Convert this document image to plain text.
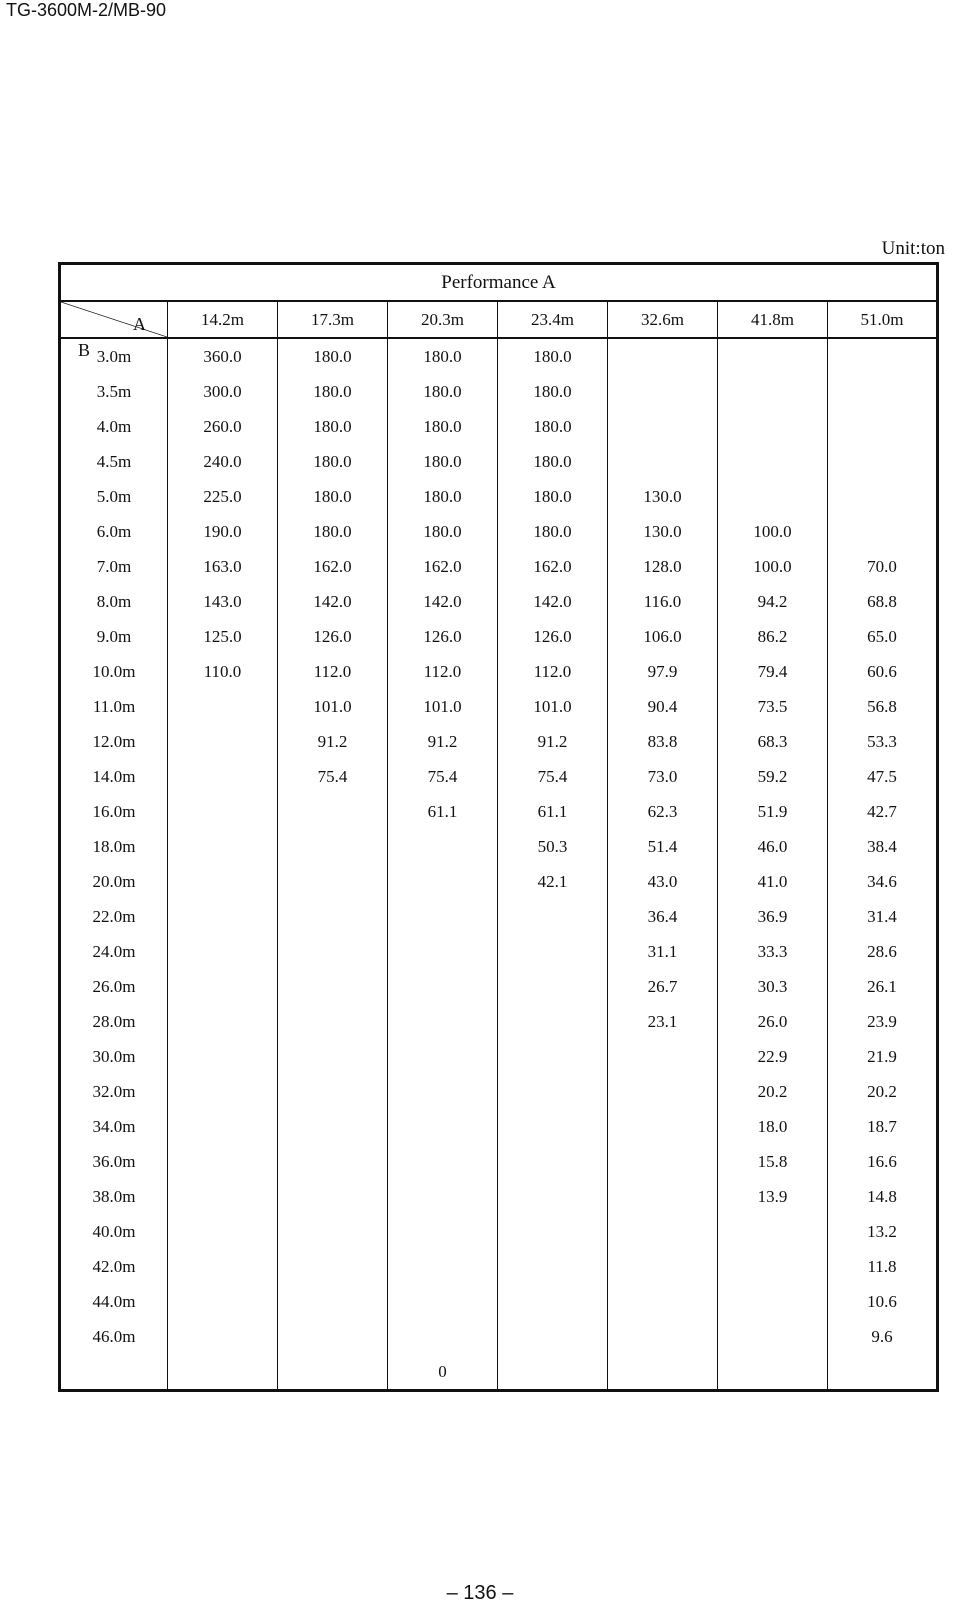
TG-3600M-2/MB-90
Unit:ton
Performance A							

A
B	14.2m	17.3m	20.3m	23.4m	32.6m	41.8m	51.0m
3.0m	360.0	180.0	180.0	180.0			
3.5m	300.0	180.0	180.0	180.0			
4.0m	260.0	180.0	180.0	180.0			
4.5m	240.0	180.0	180.0	180.0			
5.0m	225.0	180.0	180.0	180.0	130.0		
6.0m	190.0	180.0	180.0	180.0	130.0	100.0	
7.0m	163.0	162.0	162.0	162.0	128.0	100.0	70.0
8.0m	143.0	142.0	142.0	142.0	116.0	94.2	68.8
9.0m	125.0	126.0	126.0	126.0	106.0	86.2	65.0
10.0m	110.0	112.0	112.0	112.0	97.9	79.4	60.6
11.0m		101.0	101.0	101.0	90.4	73.5	56.8
12.0m		91.2	91.2	91.2	83.8	68.3	53.3
14.0m		75.4	75.4	75.4	73.0	59.2	47.5
16.0m			61.1	61.1	62.3	51.9	42.7
18.0m				50.3	51.4	46.0	38.4
20.0m				42.1	43.0	41.0	34.6
22.0m					36.4	36.9	31.4
24.0m					31.1	33.3	28.6
26.0m					26.7	30.3	26.1
28.0m					23.1	26.0	23.9
30.0m						22.9	21.9
32.0m						20.2	20.2
34.0m						18.0	18.7
36.0m						15.8	16.6
38.0m						13.9	14.8
40.0m							13.2
42.0m							11.8
44.0m							10.6
46.0m							9.6
			0				
– 136 –
